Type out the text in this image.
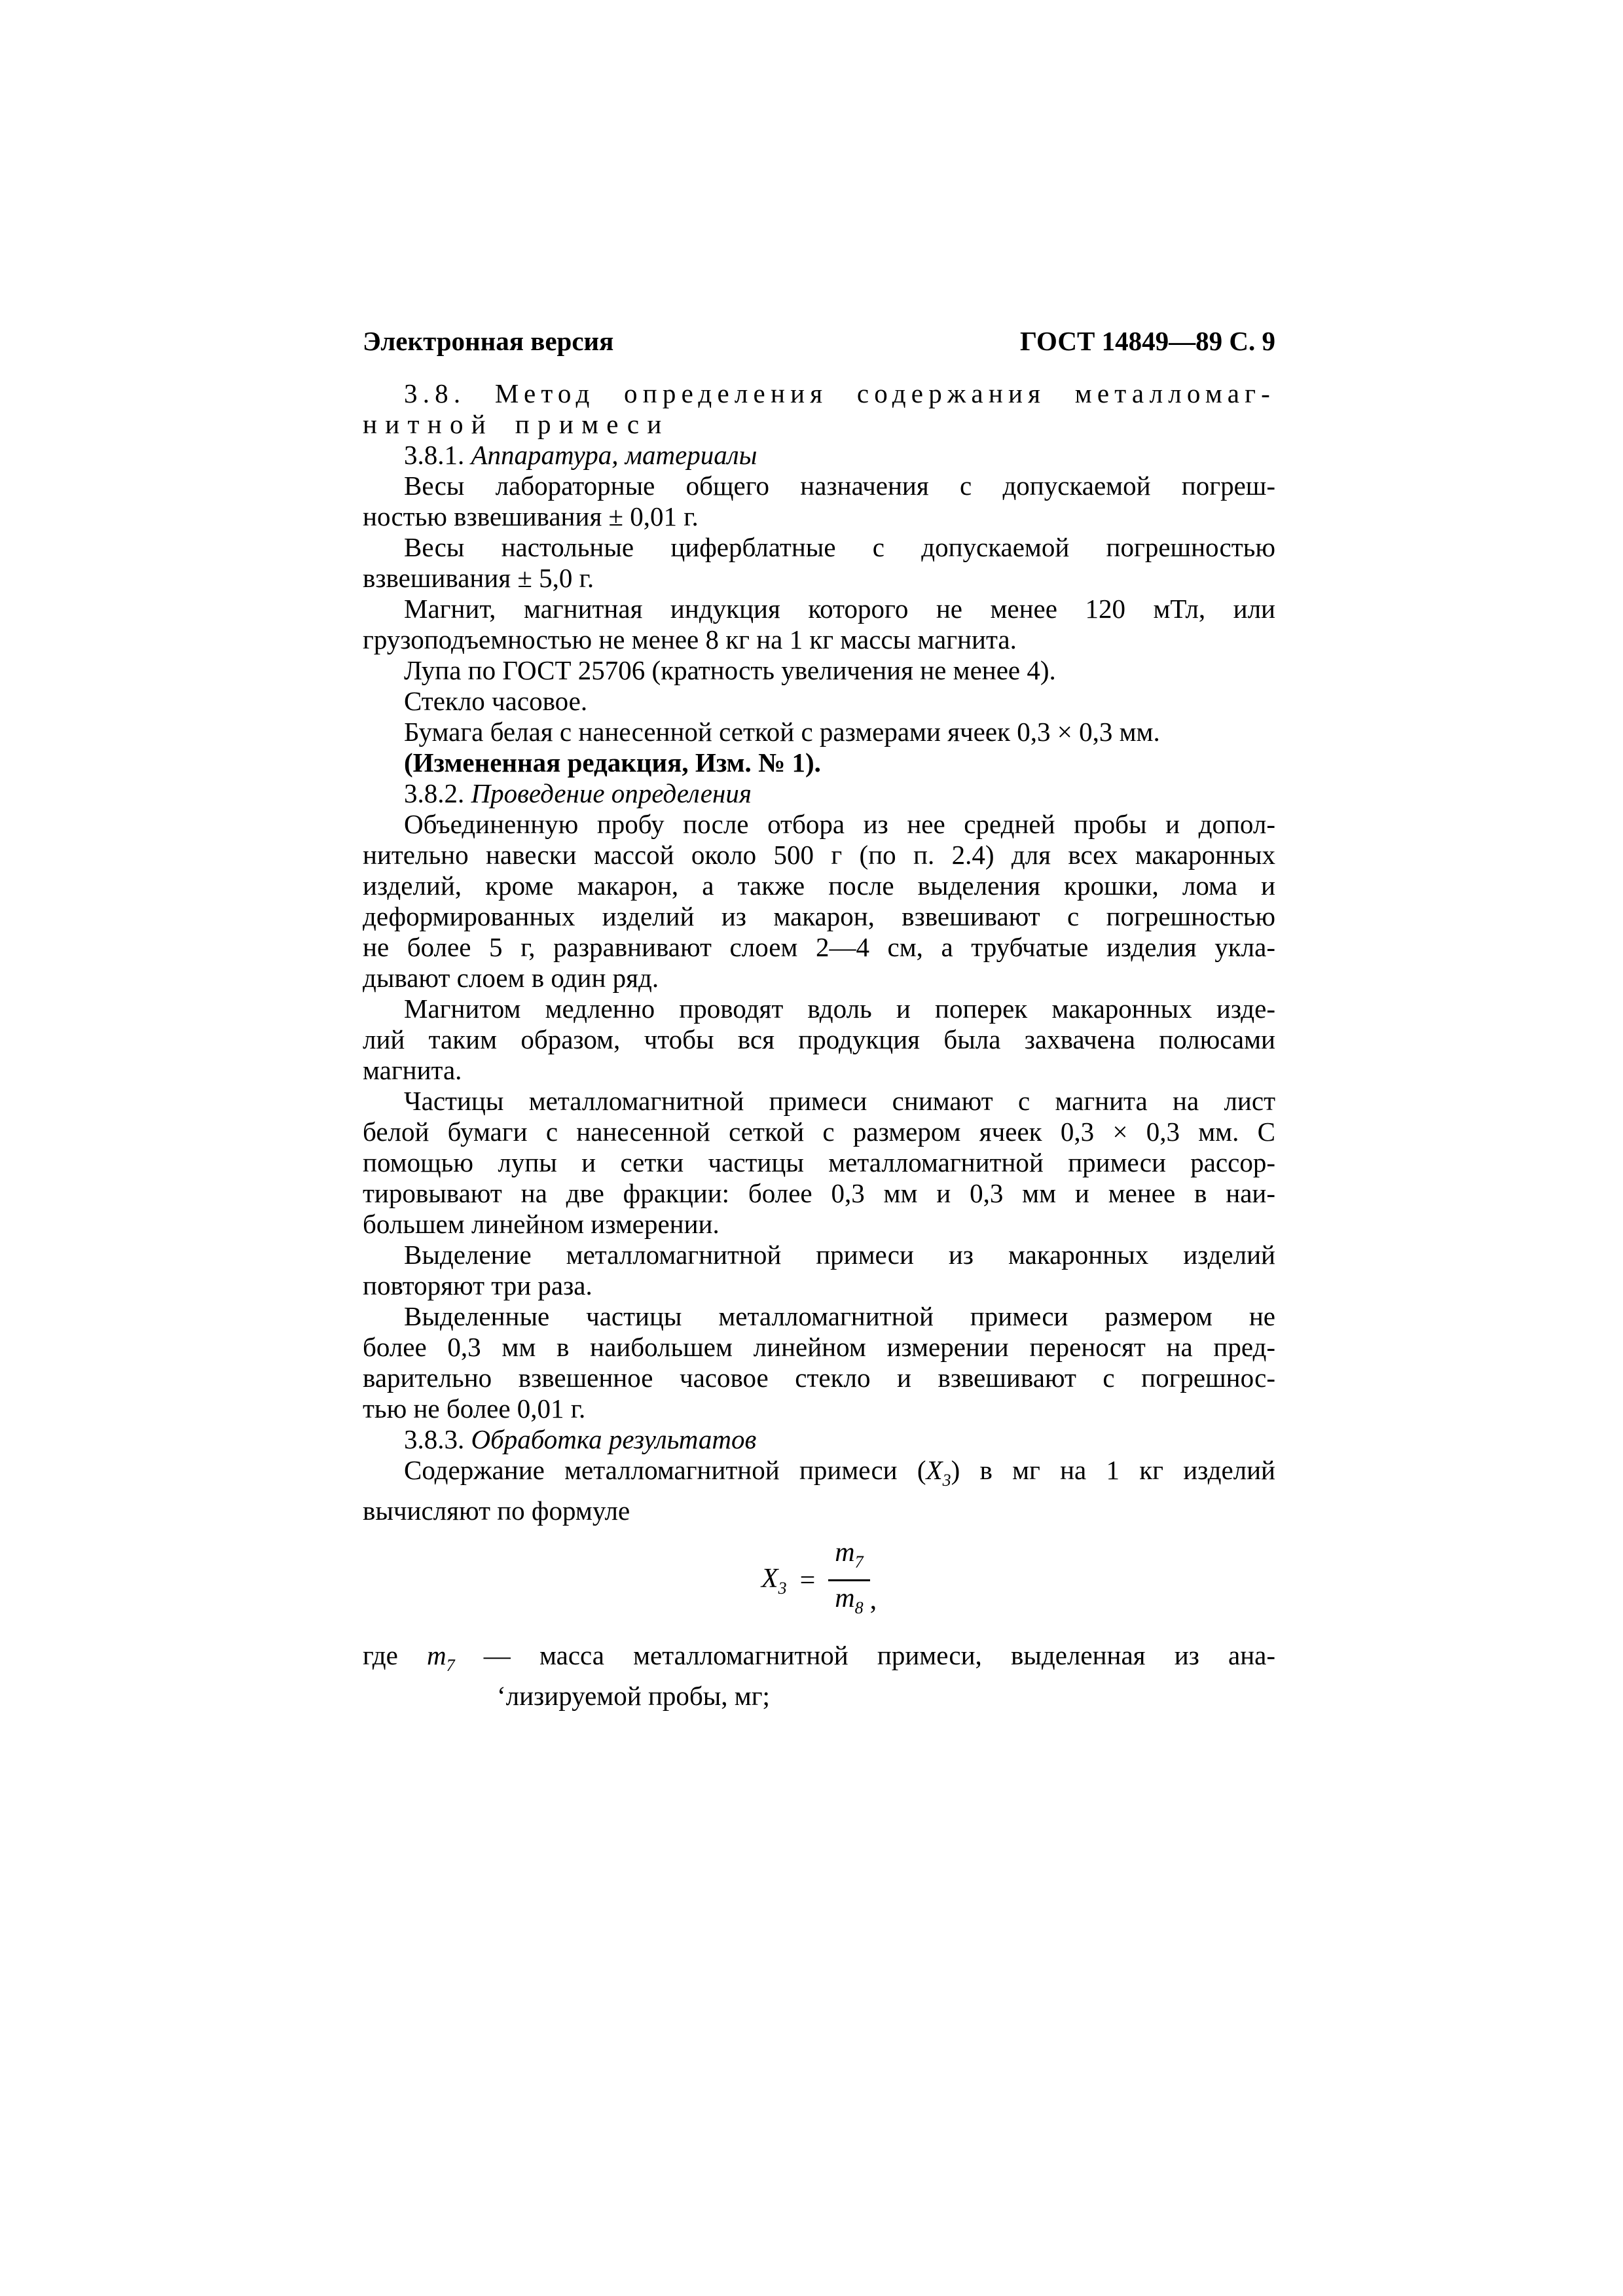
Электронная версия	ГОСТ 14849—89 С. 9
3.8. Метод определения содержания металломаг-
нитной примеси
3.8.1. Аппаратура, материалы
Весы лабораторные общего назначения с допускаемой погреш-
ностью взвешивания ± 0,01 г.
Весы настольные циферблатные с допускаемой погрешностью
взвешивания ± 5,0 г.
Магнит, магнитная индукция которого не менее 120 мТл, или
грузоподъемностью не менее 8 кг на 1 кг массы магнита.
Лупа по ГОСТ 25706 (кратность увеличения не менее 4).
Стекло часовое.
Бумага белая с нанесенной сеткой с размерами ячеек 0,3 × 0,3 мм.
(Измененная редакция, Изм. № 1).
3.8.2. Проведение определения
Объединенную пробу после отбора из нее средней пробы и допол-
нительно навески массой около 500 г (по п. 2.4) для всех макаронных
изделий, кроме макарон, а также после выделения крошки, лома и
деформированных изделий из макарон, взвешивают с погрешностью
не более 5 г, разравнивают слоем 2—4 см, а трубчатые изделия укла-
дывают слоем в один ряд.
Магнитом медленно проводят вдоль и поперек макаронных изде-
лий таким образом, чтобы вся продукция была захвачена полюсами
магнита.
Частицы металломагнитной примеси снимают с магнита на лист
белой бумаги с нанесенной сеткой с размером ячеек 0,3 × 0,3 мм. С
помощью лупы и сетки частицы металломагнитной примеси рассор-
тировывают на две фракции: более 0,3 мм и 0,3 мм и менее в наи-
большем линейном измерении.
Выделение металломагнитной примеси из макаронных изделий
повторяют три раза.
Выделенные частицы металломагнитной примеси размером не
более 0,3 мм в наибольшем линейном измерении переносят на пред-
варительно взвешенное часовое стекло и взвешивают с погрешнос-
тью не более 0,01 г.
3.8.3. Обработка результатов
Содержание металломагнитной примеси $(X_3)$ в мг на 1 кг изделий
вычисляют по формуле
$X_3 = \frac{m_7}{m_8}$ ,
где $m_7$ — масса металломагнитной примеси, выделенная из ана-
‘лизируемой пробы, мг;
